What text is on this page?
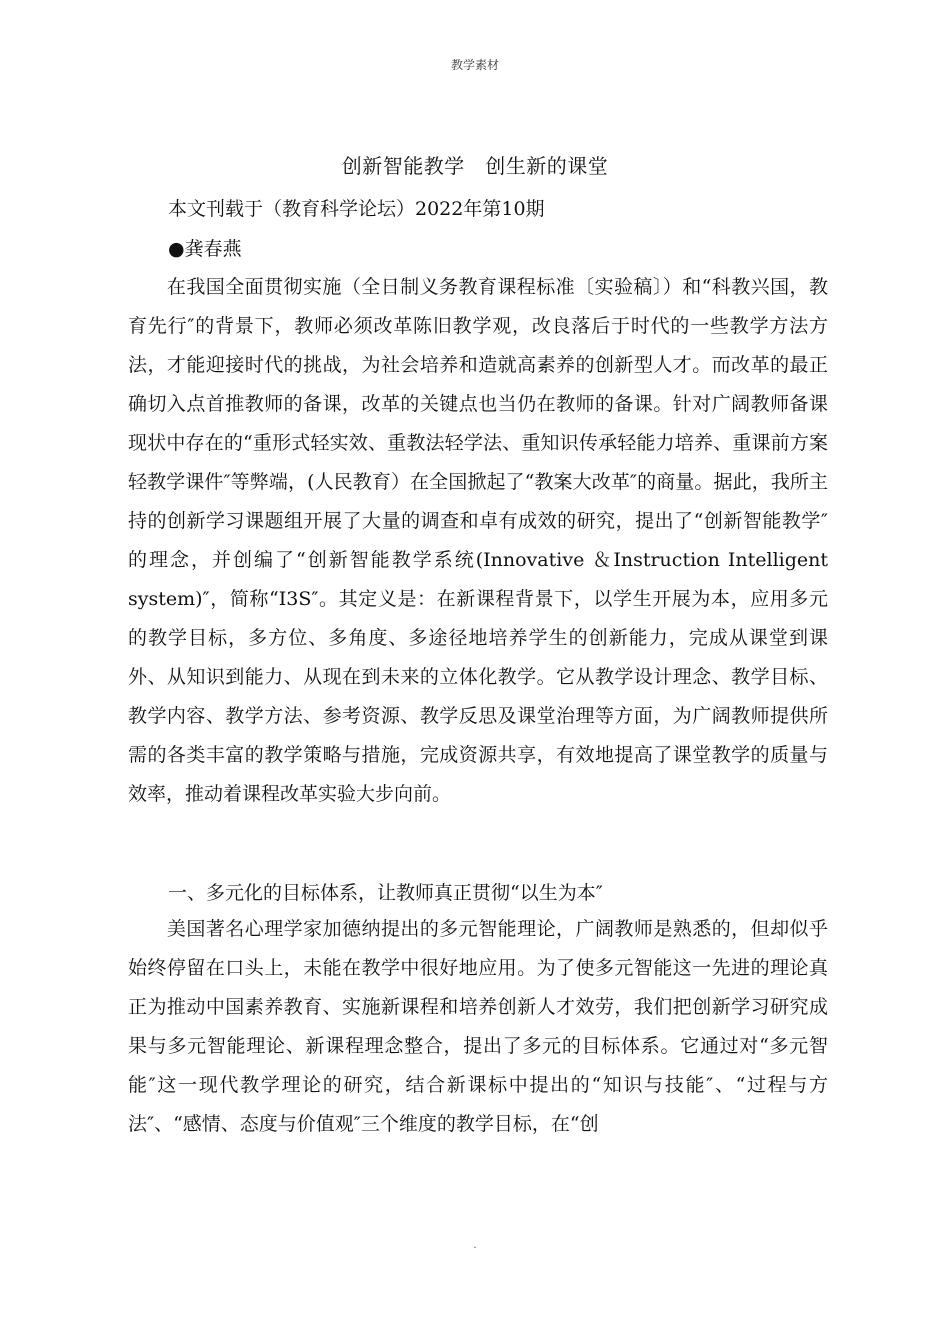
教学素材
创新智能教学　创生新的课堂
本文刊载于（教育科学论坛）2022年第10期
●龚春燕

　　在我国全面贯彻实施（全日制义务教育课程标准〔实验稿〕）和“科教兴国，教育先行″的背景下，教师必须改革陈旧教学观，改良落后于时代的一些教学方法方法，才能迎接时代的挑战，为社会培养和造就高素养的创新型人才。而改革的最正确切入点首推教师的备课，改革的关键点也当仍在教师的备课。针对广阔教师备课现状中存在的“重形式轻实效、重教法轻学法、重知识传承轻能力培养、重课前方案轻教学课件″等弊端，(人民教育）在全国掀起了“教案大改革″的商量。据此，我所主持的创新学习课题组开展了大量的调查和卓有成效的研究，提出了“创新智能教学″的理念，并创编了“创新智能教学系统(Innovative ＆Instruction Intelligent system)″，简称“I3S″。其定义是：在新课程背景下，以学生开展为本，应用多元的教学目标，多方位、多角度、多途径地培养学生的创新能力，完成从课堂到课外、从知识到能力、从现在到未来的立体化教学。它从教学设计理念、教学目标、教学内容、教学方法、参考资源、教学反思及课堂治理等方面，为广阔教师提供所需的各类丰富的教学策略与措施，完成资源共享，有效地提高了课堂教学的质量与效率，推动着课程改革实验大步向前。

一、多元化的目标体系，让教师真正贯彻“以生为本″

　　美国著名心理学家加德纳提出的多元智能理论，广阔教师是熟悉的，但却似乎始终停留在口头上，未能在教学中很好地应用。为了使多元智能这一先进的理论真正为推动中国素养教育、实施新课程和培养创新人才效劳，我们把创新学习研究成果与多元智能理论、新课程理念整合，提出了多元的目标体系。它通过对“多元智能″这一现代教学理论的研究，结合新课标中提出的“知识与技能″、“过程与方法″、“感情、态度与价值观″三个维度的教学目标，在“创

.
